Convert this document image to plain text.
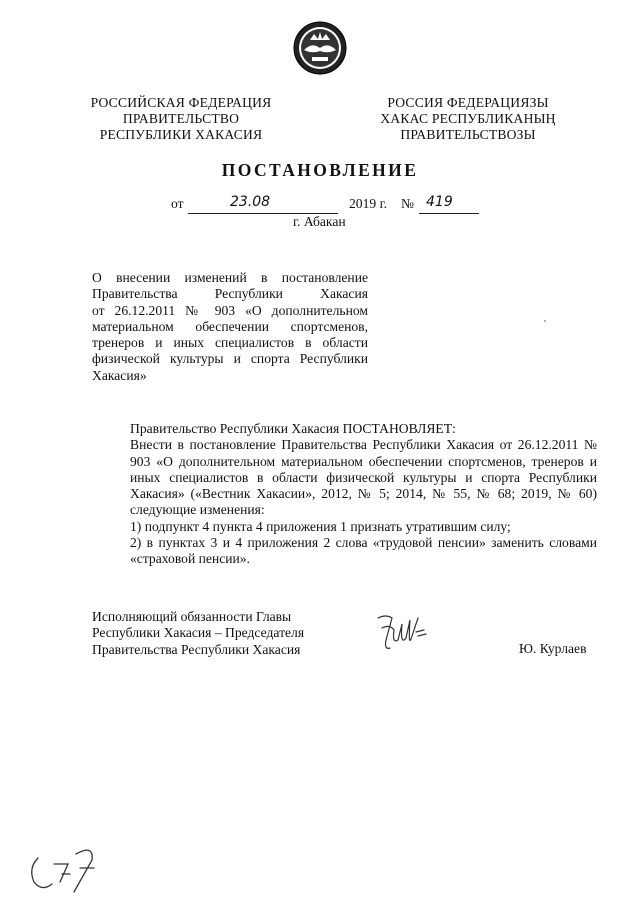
РОССИЙСКАЯ ФЕДЕРАЦИЯ
ПРАВИТЕЛЬСТВО
РЕСПУБЛИКИ ХАКАСИЯ
РОССИЯ ФЕДЕРАЦИЯЗЫ
ХАКАС РЕСПУБЛИКАНЫҢ
ПРАВИТЕЛЬСТВОЗЫ
ПОСТАНОВЛЕНИЕ
от	23.08	2019 г. № 419
г. Абакан
О внесении изменений в постановление
Правительства Республики Хакасия
от 26.12.2011 № 903 «О дополнительном
материальном обеспечении спортсменов,
тренеров и иных специалистов в области
физической культуры и спорта Республики
Хакасия»
Правительство Республики Хакасия ПОСТАНОВЛЯЕТ:
Внести в постановление Правительства Республики Хакасия от 26.12.2011 № 903 «О дополнительном материальном обеспечении спортсменов, тренеров и иных специалистов в области физической культуры и спорта Республики Хакасия» («Вестник Хакасии», 2012, № 5; 2014, № 55, № 68; 2019, № 60) следующие изменения:
1) подпункт 4 пункта 4 приложения 1 признать утратившим силу;
2) в пунктах 3 и 4 приложения 2 слова «трудовой пенсии» заменить словами «страховой пенсии».
Исполняющий обязанности Главы
Республики Хакасия – Председателя
Правительства Республики Хакасия	Ю. Курлаев
